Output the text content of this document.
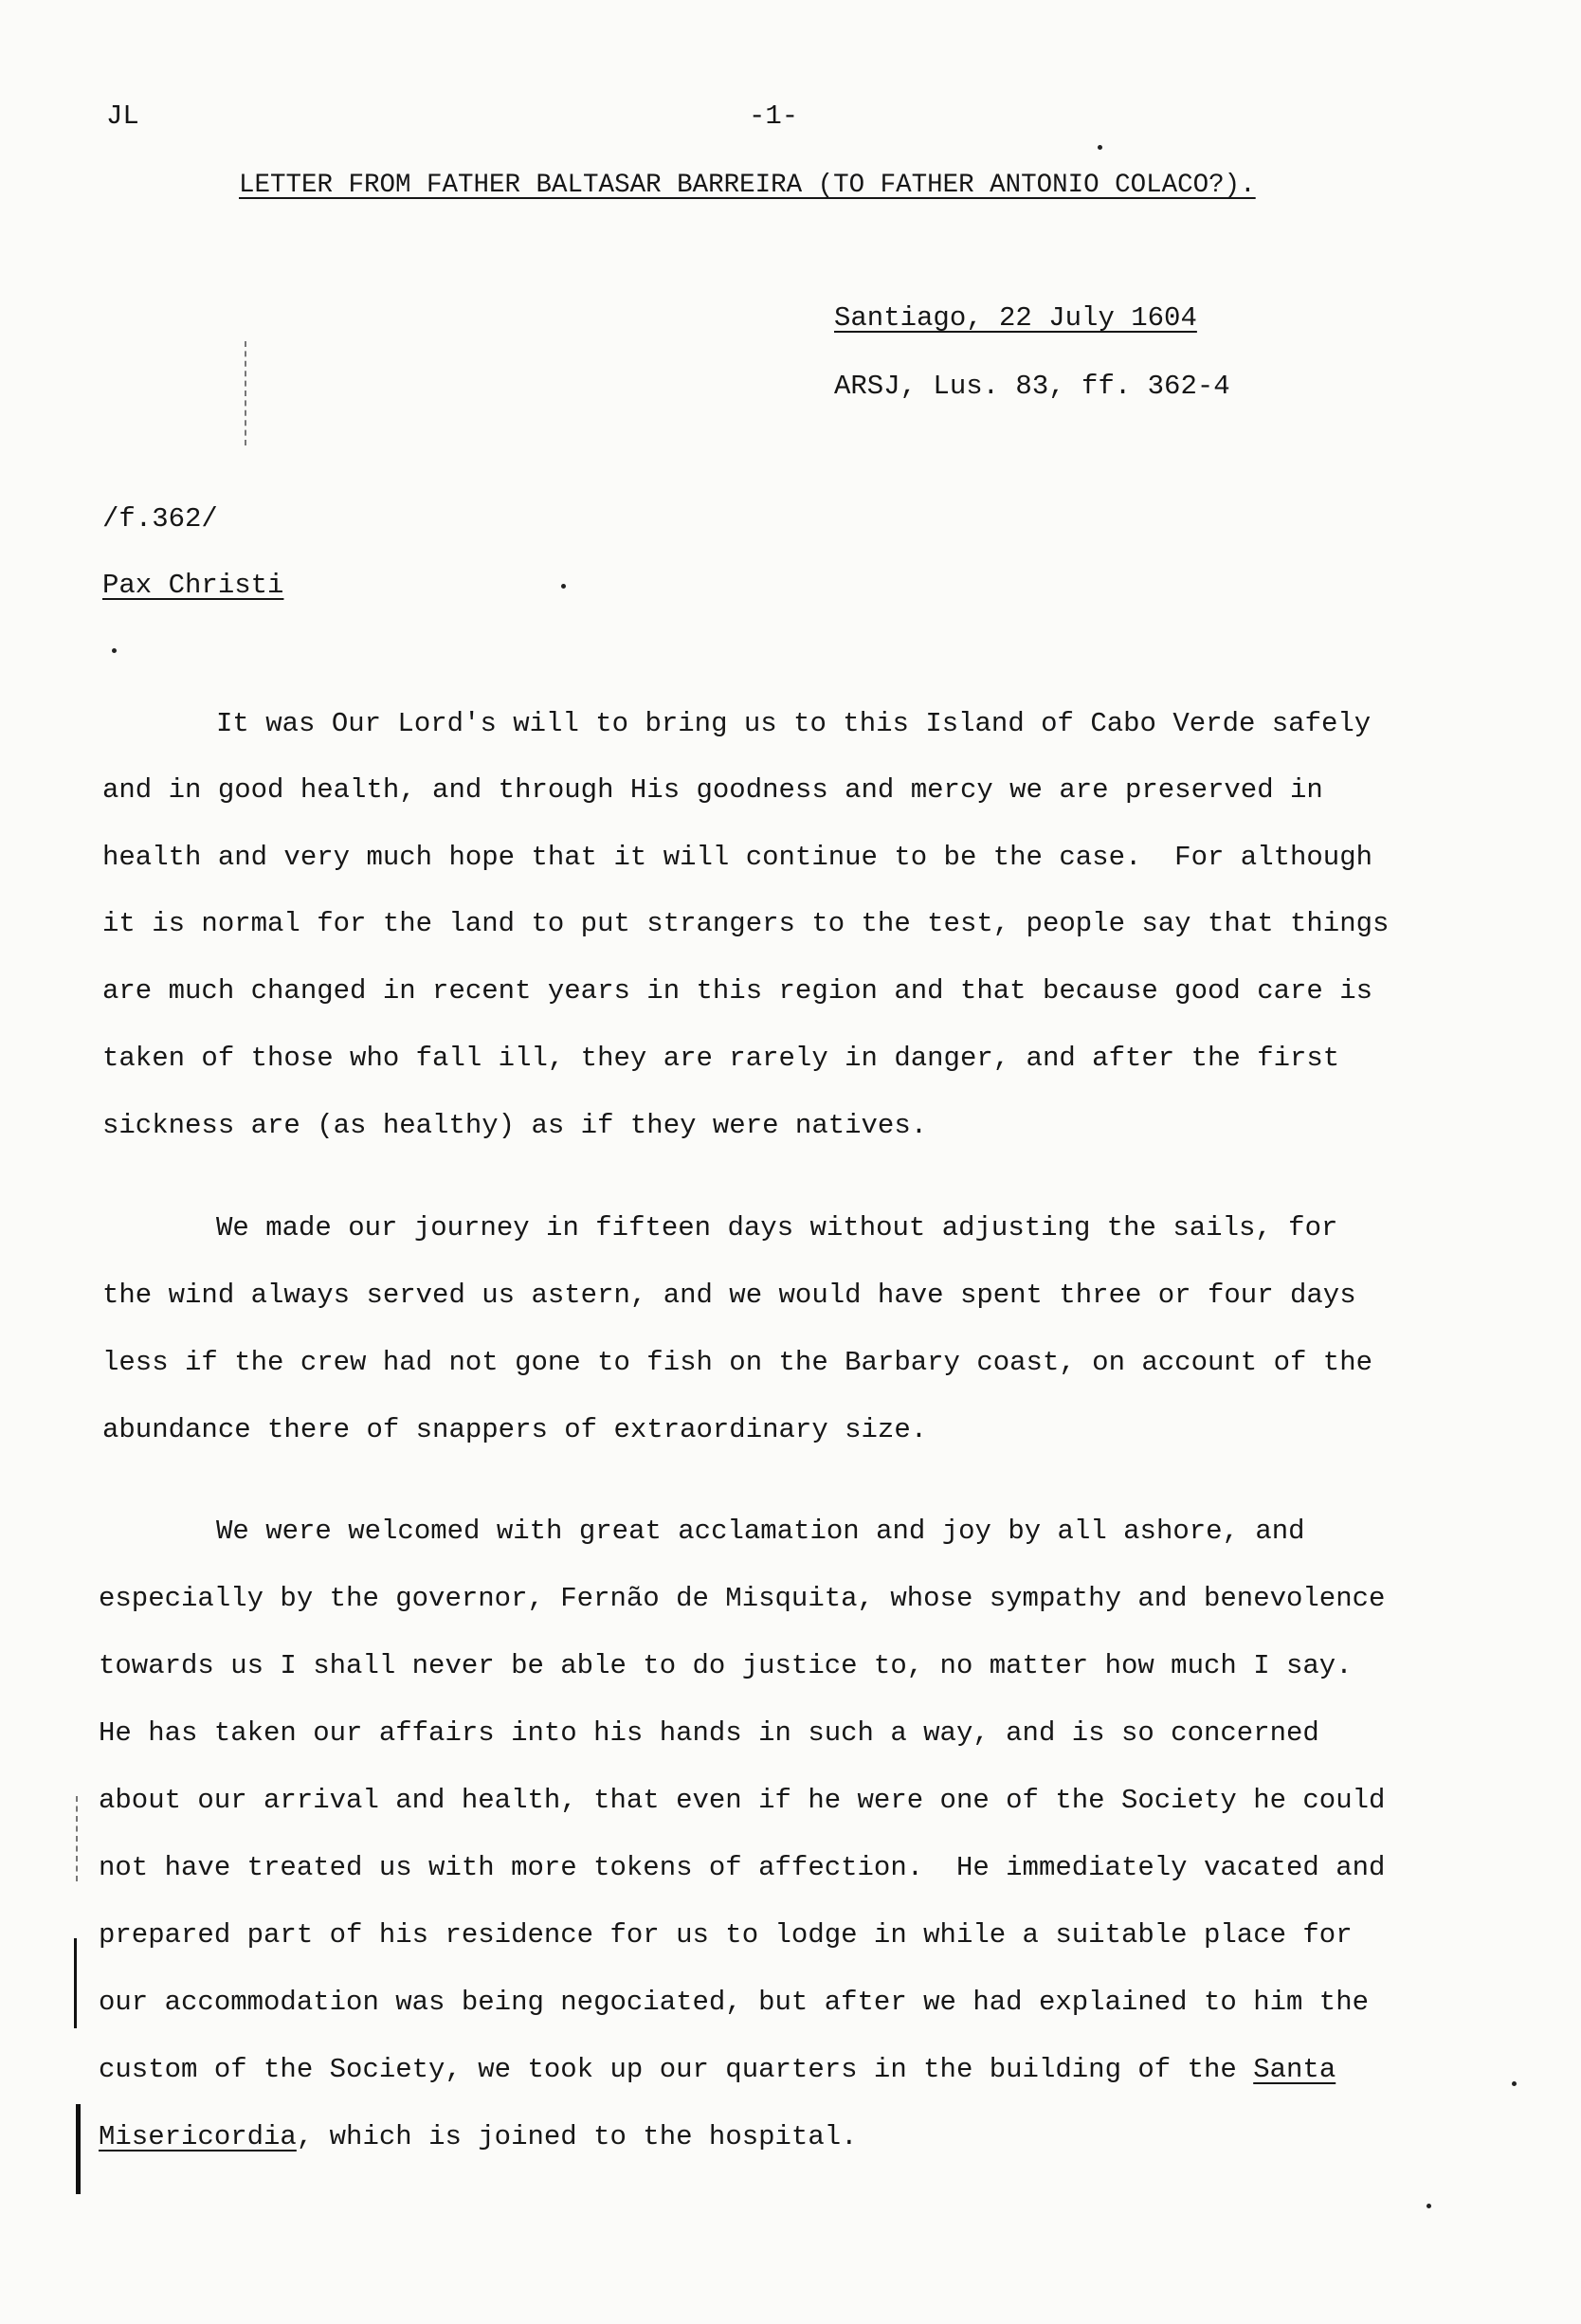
JL	-1-
LETTER FROM FATHER BALTASAR BARREIRA (TO FATHER ANTONIO COLACO?).
Santiago, 22 July 1604
ARSJ, Lus. 83, ff. 362-4
/f.362/
Pax Christi
It was Our Lord's will to bring us to this Island of Cabo Verde safely
and in good health, and through His goodness and mercy we are preserved in
health and very much hope that it will continue to be the case.  For although
it is normal for the land to put strangers to the test, people say that things
are much changed in recent years in this region and that because good care is
taken of those who fall ill, they are rarely in danger, and after the first
sickness are (as healthy) as if they were natives.
We made our journey in fifteen days without adjusting the sails, for
the wind always served us astern, and we would have spent three or four days
less if the crew had not gone to fish on the Barbary coast, on account of the
abundance there of snappers of extraordinary size.
We were welcomed with great acclamation and joy by all ashore, and
especially by the governor, Fernão de Misquita, whose sympathy and benevolence
towards us I shall never be able to do justice to, no matter how much I say.
He has taken our affairs into his hands in such a way, and is so concerned
about our arrival and health, that even if he were one of the Society he could
not have treated us with more tokens of affection.  He immediately vacated and
prepared part of his residence for us to lodge in while a suitable place for
our accommodation was being negociated, but after we had explained to him the
custom of the Society, we took up our quarters in the building of the Santa
Misericordia, which is joined to the hospital.
